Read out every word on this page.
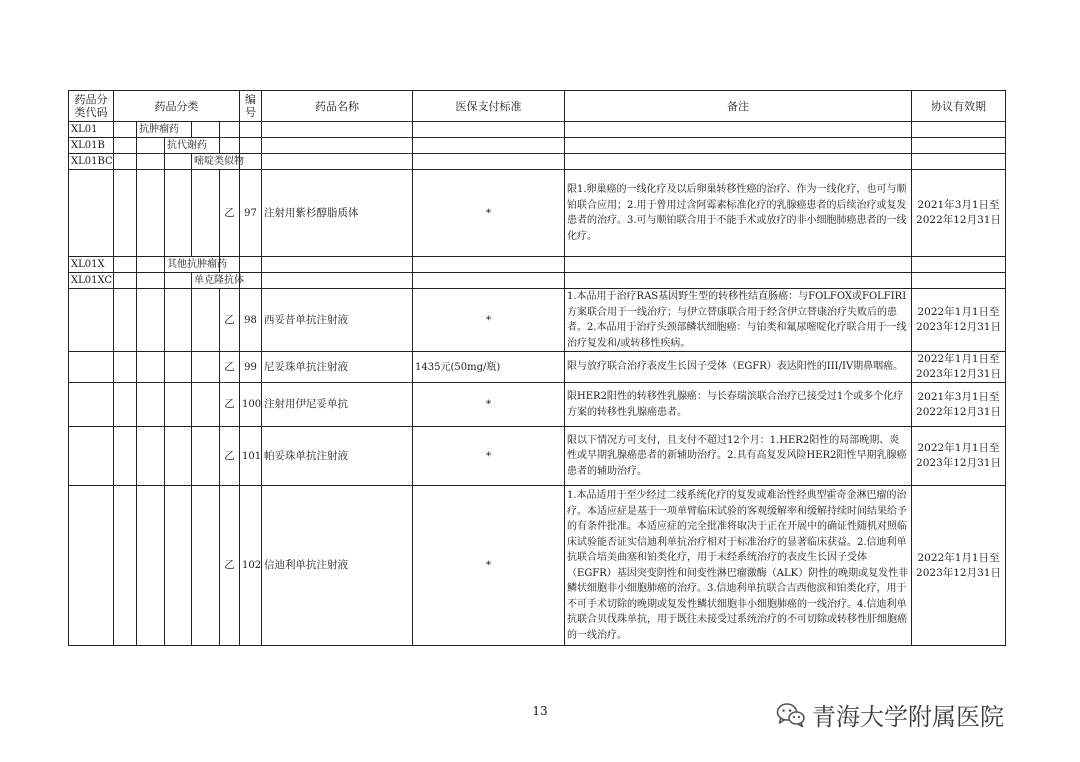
药品分类代码	药品分类					编号	药品名称	医保支付标准	备注	协议有效期
XL01		抗肿瘤药								
XL01B			抗代谢药							
XL01BC				嘧啶类似物						
					乙	97	注射用紫杉醇脂质体	*	限1.卵巢癌的一线化疗及以后卵巢转移性癌的治疗、作为一线化疗，也可与顺铂联合应用；2.用于曾用过含阿霉素标准化疗的乳腺癌患者的后续治疗或复发患者的治疗。3.可与顺铂联合用于不能手术或放疗的非小细胞肺癌患者的一线化疗。	2021年3月1日至
2022年12月31日
XL01X			其他抗肿瘤药							
XL01XC				单克隆抗体						
					乙	98	西妥昔单抗注射液	*	1.本品用于治疗RAS基因野生型的转移性结直肠癌：与FOLFOX或FOLFIRI方案联合用于一线治疗；与伊立替康联合用于经含伊立替康治疗失败后的患者。2.本品用于治疗头颈部鳞状细胞癌：与铂类和氟尿嘧啶化疗联合用于一线治疗复发和/或转移性疾病。	2022年1月1日至
2023年12月31日
					乙	99	尼妥珠单抗注射液	1435元(50mg/瓶)	限与放疗联合治疗表皮生长因子受体（EGFR）表达阳性的III/IV期鼻咽癌。	2022年1月1日至
2023年12月31日
					乙	100	注射用伊尼妥单抗	*	限HER2阳性的转移性乳腺癌：与长春瑞滨联合治疗已接受过1个或多个化疗方案的转移性乳腺癌患者。	2021年3月1日至
2022年12月31日
					乙	101	帕妥珠单抗注射液	*	限以下情况方可支付，且支付不超过12个月：1.HER2阳性的局部晚期、炎性或早期乳腺癌患者的新辅助治疗。2.具有高复发风险HER2阳性早期乳腺癌患者的辅助治疗。	2022年1月1日至
2023年12月31日
					乙	102	信迪利单抗注射液	*	1.本品适用于至少经过二线系统化疗的复发或难治性经典型霍奇金淋巴瘤的治疗。本适应症是基于一项单臂临床试验的客观缓解率和缓解持续时间结果给予的有条件批准。本适应症的完全批准将取决于正在开展中的确证性随机对照临床试验能否证实信迪利单抗治疗相对于标准治疗的显著临床获益。2.信迪利单抗联合培美曲塞和铂类化疗，用于未经系统治疗的表皮生长因子受体（EGFR）基因突变阴性和间变性淋巴瘤激酶（ALK）阴性的晚期或复发性非鳞状细胞非小细胞肺癌的治疗。3.信迪利单抗联合吉西他滨和铂类化疗，用于不可手术切除的晚期或复发性鳞状细胞非小细胞肺癌的一线治疗。4.信迪利单抗联合贝伐珠单抗，用于既往未接受过系统治疗的不可切除或转移性肝细胞癌的一线治疗。	2022年1月1日至
2023年12月31日
13	青海大学附属医院
